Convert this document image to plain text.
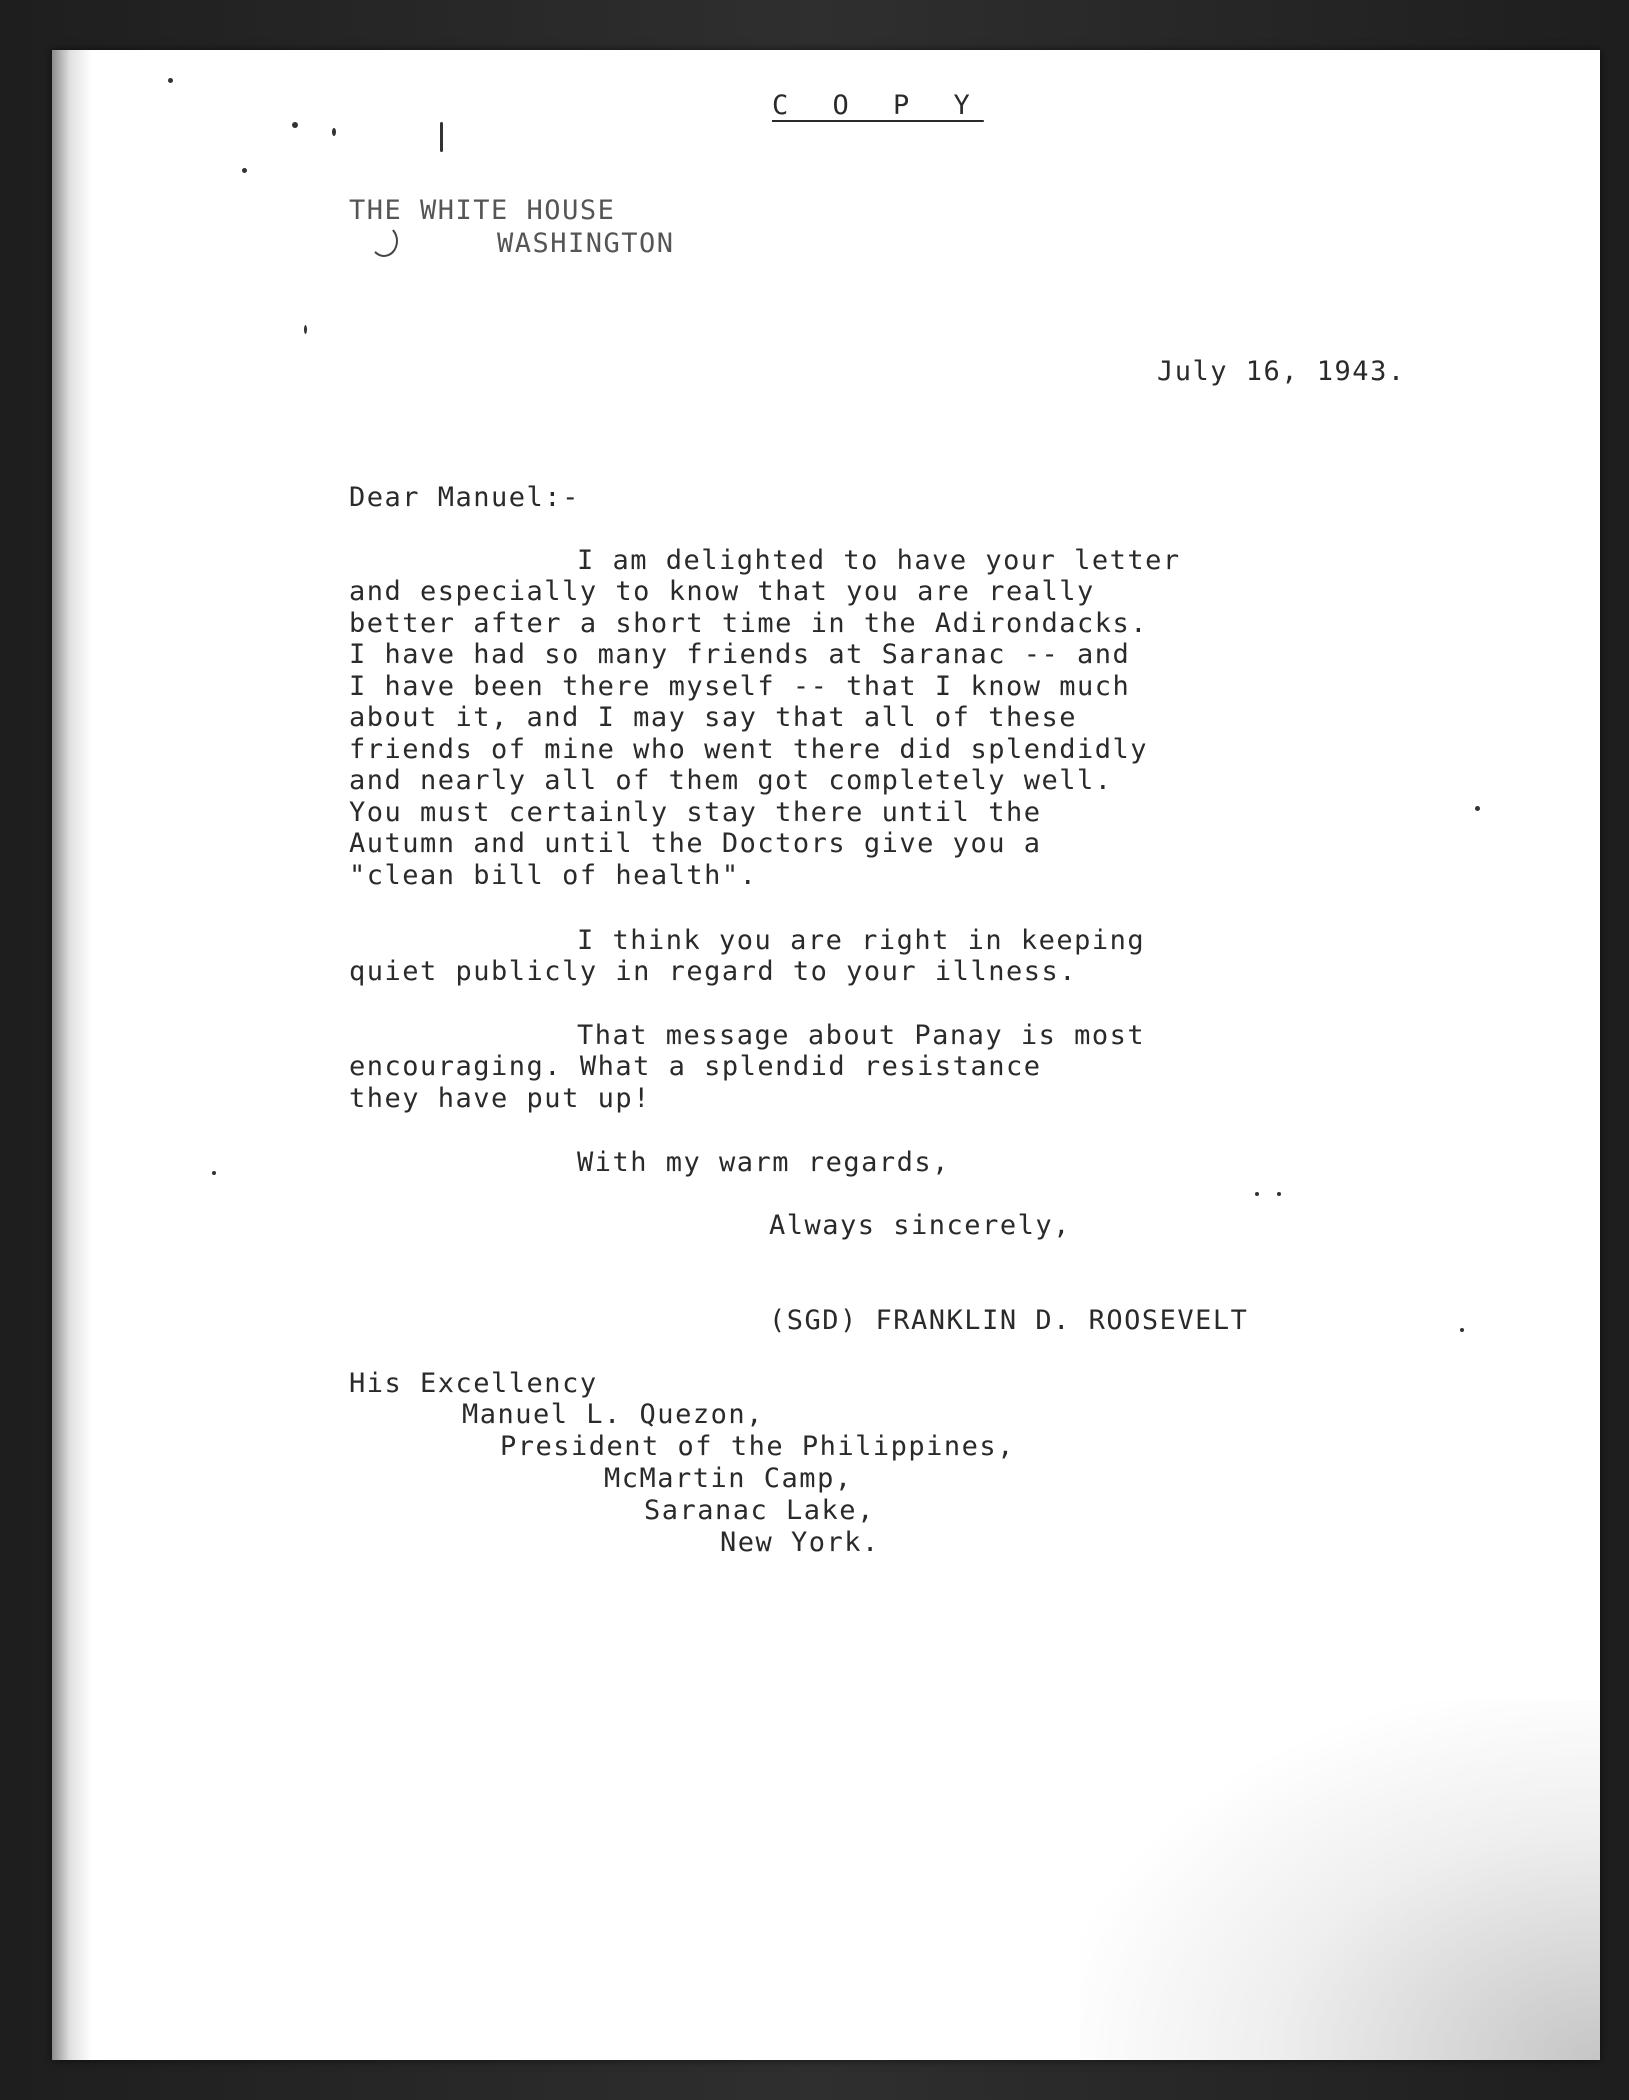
C O P Y
THE WHITE HOUSE
WASHINGTON
July 16, 1943.
Dear Manuel:-
I am delighted to have your letter
and especially to know that you are really
better after a short time in the Adirondacks.
I have had so many friends at Saranac -- and
I have been there myself -- that I know much
about it, and I may say that all of these
friends of mine who went there did splendidly
and nearly all of them got completely well.
You must certainly stay there until the
Autumn and until the Doctors give you a
"clean bill of health".
I think you are right in keeping
quiet publicly in regard to your illness.
That message about Panay is most
encouraging. What a splendid resistance
they have put up!
With my warm regards,
Always sincerely,
(SGD) FRANKLIN D. ROOSEVELT
His Excellency
Manuel L. Quezon,
President of the Philippines,
McMartin Camp,
Saranac Lake,
New York.
